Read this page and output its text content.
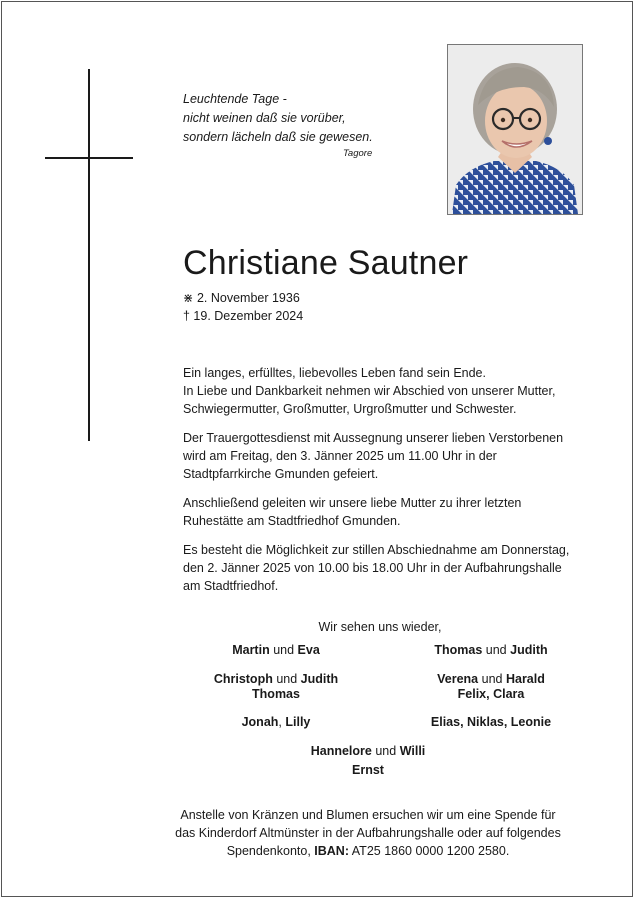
Leuchtende Tage -
nicht weinen daß sie vorüber,
sondern lächeln daß sie gewesen.
Tagore
Christiane Sautner
⋇ 2. November 1936
† 19. Dezember 2024
Ein langes, erfülltes, liebevolles Leben fand sein Ende.
In Liebe und Dankbarkeit nehmen wir Abschied von unserer Mutter,
Schwiegermutter, Großmutter, Urgroßmutter und Schwester.
Der Trauergottesdienst mit Aussegnung unserer lieben Verstorbenen
wird am Freitag, den 3. Jänner 2025 um 11.00 Uhr in der
Stadtpfarrkirche Gmunden gefeiert.
Anschließend geleiten wir unsere liebe Mutter zu ihrer letzten
Ruhestätte am Stadtfriedhof Gmunden.
Es besteht die Möglichkeit zur stillen Abschiednahme am Donnerstag,
den 2. Jänner 2025 von 10.00 bis 18.00 Uhr in der Aufbahrungshalle
am Stadtfriedhof.
Wir sehen uns wieder,
Martin und Eva	Thomas und Judith
Christoph und Judith
Thomas
Verena und Harald
Felix, Clara
Jonah, Lilly	Elias, Niklas, Leonie
Hannelore und Willi
Ernst
Anstelle von Kränzen und Blumen ersuchen wir um eine Spende für
das Kinderdorf Altmünster in der Aufbahrungshalle oder auf folgendes
Spendenkonto, IBAN: AT25 1860 0000 1200 2580.
